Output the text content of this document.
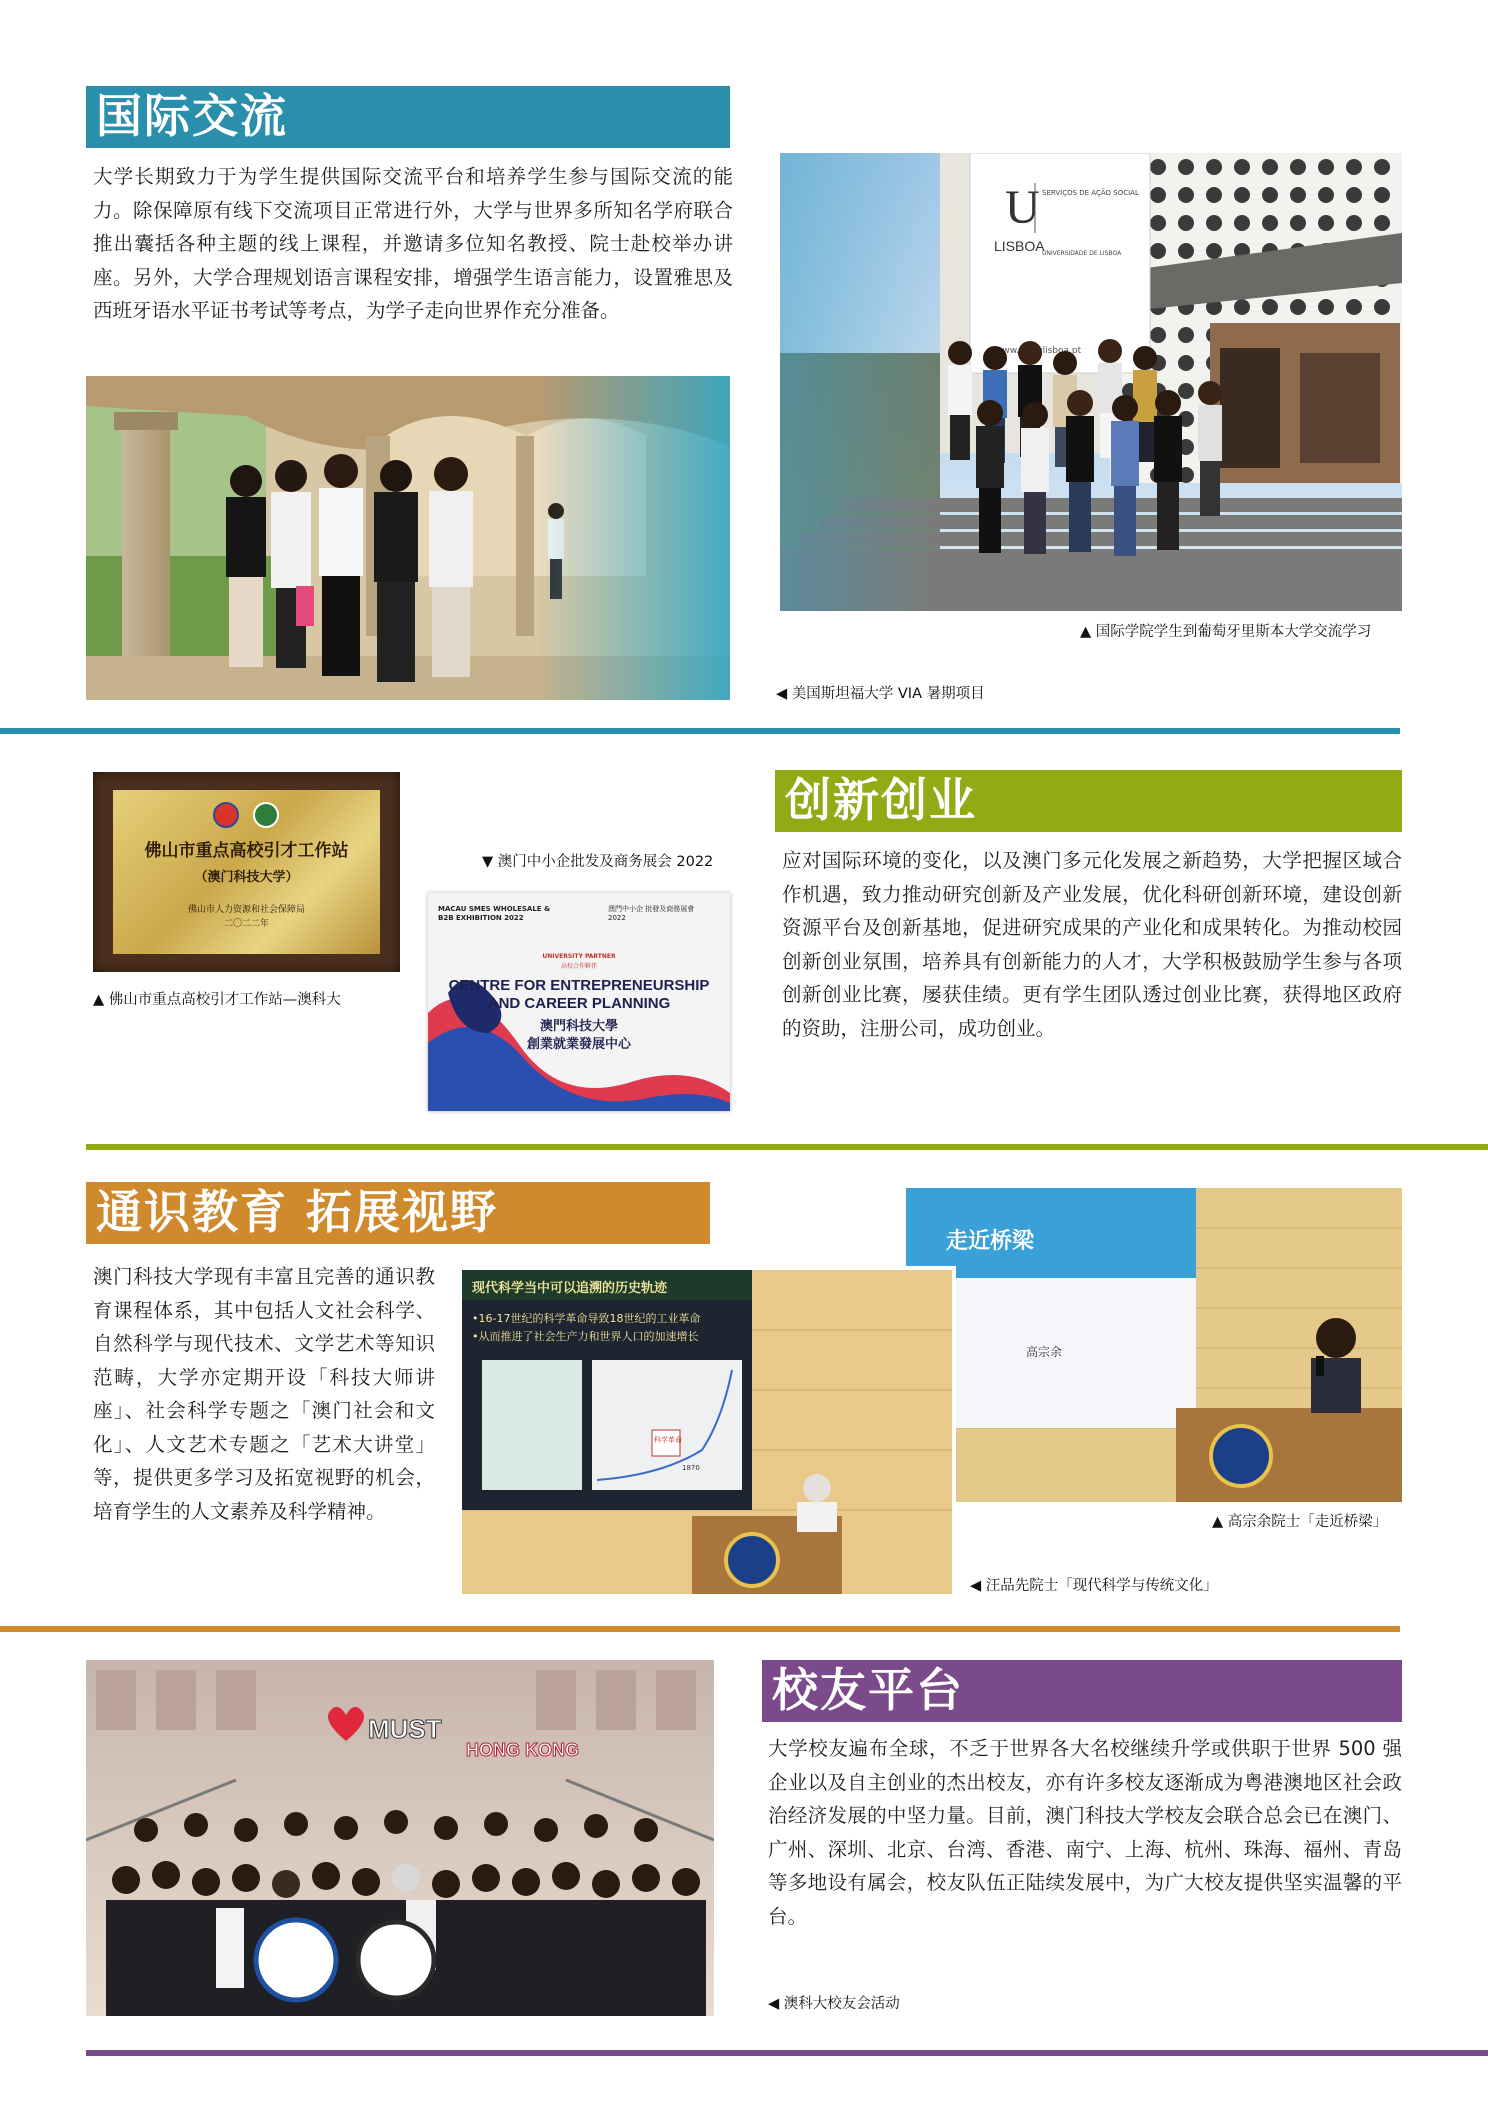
国际交流
大学长期致力于为学生提供国际交流平台和培养学生参与国际交流的能力。除保障原有线下交流项目正常进行外，大学与世界多所知名学府联合推出囊括各种主题的线上课程，并邀请多位知名教授、院士赴校举办讲座。另外，大学合理规划语言课程安排，增强学生语言能力，设置雅思及西班牙语水平证书考试等考点，为学子走向世界作充分准备。
▲ 国际学院学生到葡萄牙里斯本大学交流学习
◀ 美国斯坦福大学 VIA 暑期项目
创新创业
应对国际环境的变化，以及澳门多元化发展之新趋势，大学把握区域合作机遇，致力推动研究创新及产业发展，优化科研创新环境，建设创新资源平台及创新基地，促进研究成果的产业化和成果转化。为推动校园创新创业氛围，培养具有创新能力的人才，大学积极鼓励学生参与各项创新创业比赛，屡获佳绩。更有学生团队透过创业比赛，获得地区政府的资助，注册公司，成功创业。
佛山市重点高校引才工作站
（澳门科技大学）
佛山市人力资源和社会保障局
二〇二二年
▲ 佛山市重点高校引才工作站—澳科大
▼ 澳门中小企批发及商务展会 2022
MACAU SMES WHOLESALE & B2B EXHIBITION 2022
澳門中小企 批發及商務展會 2022
UNIVERSITY PARTNER
高校合作夥伴
CENTRE FOR ENTREPRENEURSHIP
AND CAREER PLANNING
澳門科技大學
創業就業發展中心
通识教育 拓展视野
澳门科技大学现有丰富且完善的通识教育课程体系，其中包括人文社会科学、自然科学与现代技术、文学艺术等知识范畴，大学亦定期开设「科技大师讲座」、社会科学专题之「澳门社会和文化」、人文艺术专题之「艺术大讲堂」等，提供更多学习及拓宽视野的机会，培育学生的人文素养及科学精神。
走近桥梁
高宗余
▲ 高宗余院士「走近桥梁」
现代科学当中可以追溯的历史轨迹
•16-17世纪的科学革命导致18世纪的工业革命
•从而推进了社会生产力和世界人口的加速增长
科学革命
1870
◀ 汪品先院士「现代科学与传统文化」
校友平台
大学校友遍布全球，不乏于世界各大名校继续升学或供职于世界 500 强企业以及自主创业的杰出校友，亦有许多校友逐渐成为粤港澳地区社会政治经济发展的中坚力量。目前，澳门科技大学校友会联合总会已在澳门、广州、深圳、北京、台湾、香港、南宁、上海、杭州、珠海、福州、青岛等多地设有属会，校友队伍正陆续发展中，为广大校友提供坚实温馨的平台。
◀ 澳科大校友会活动
MUST
HONG KONG
